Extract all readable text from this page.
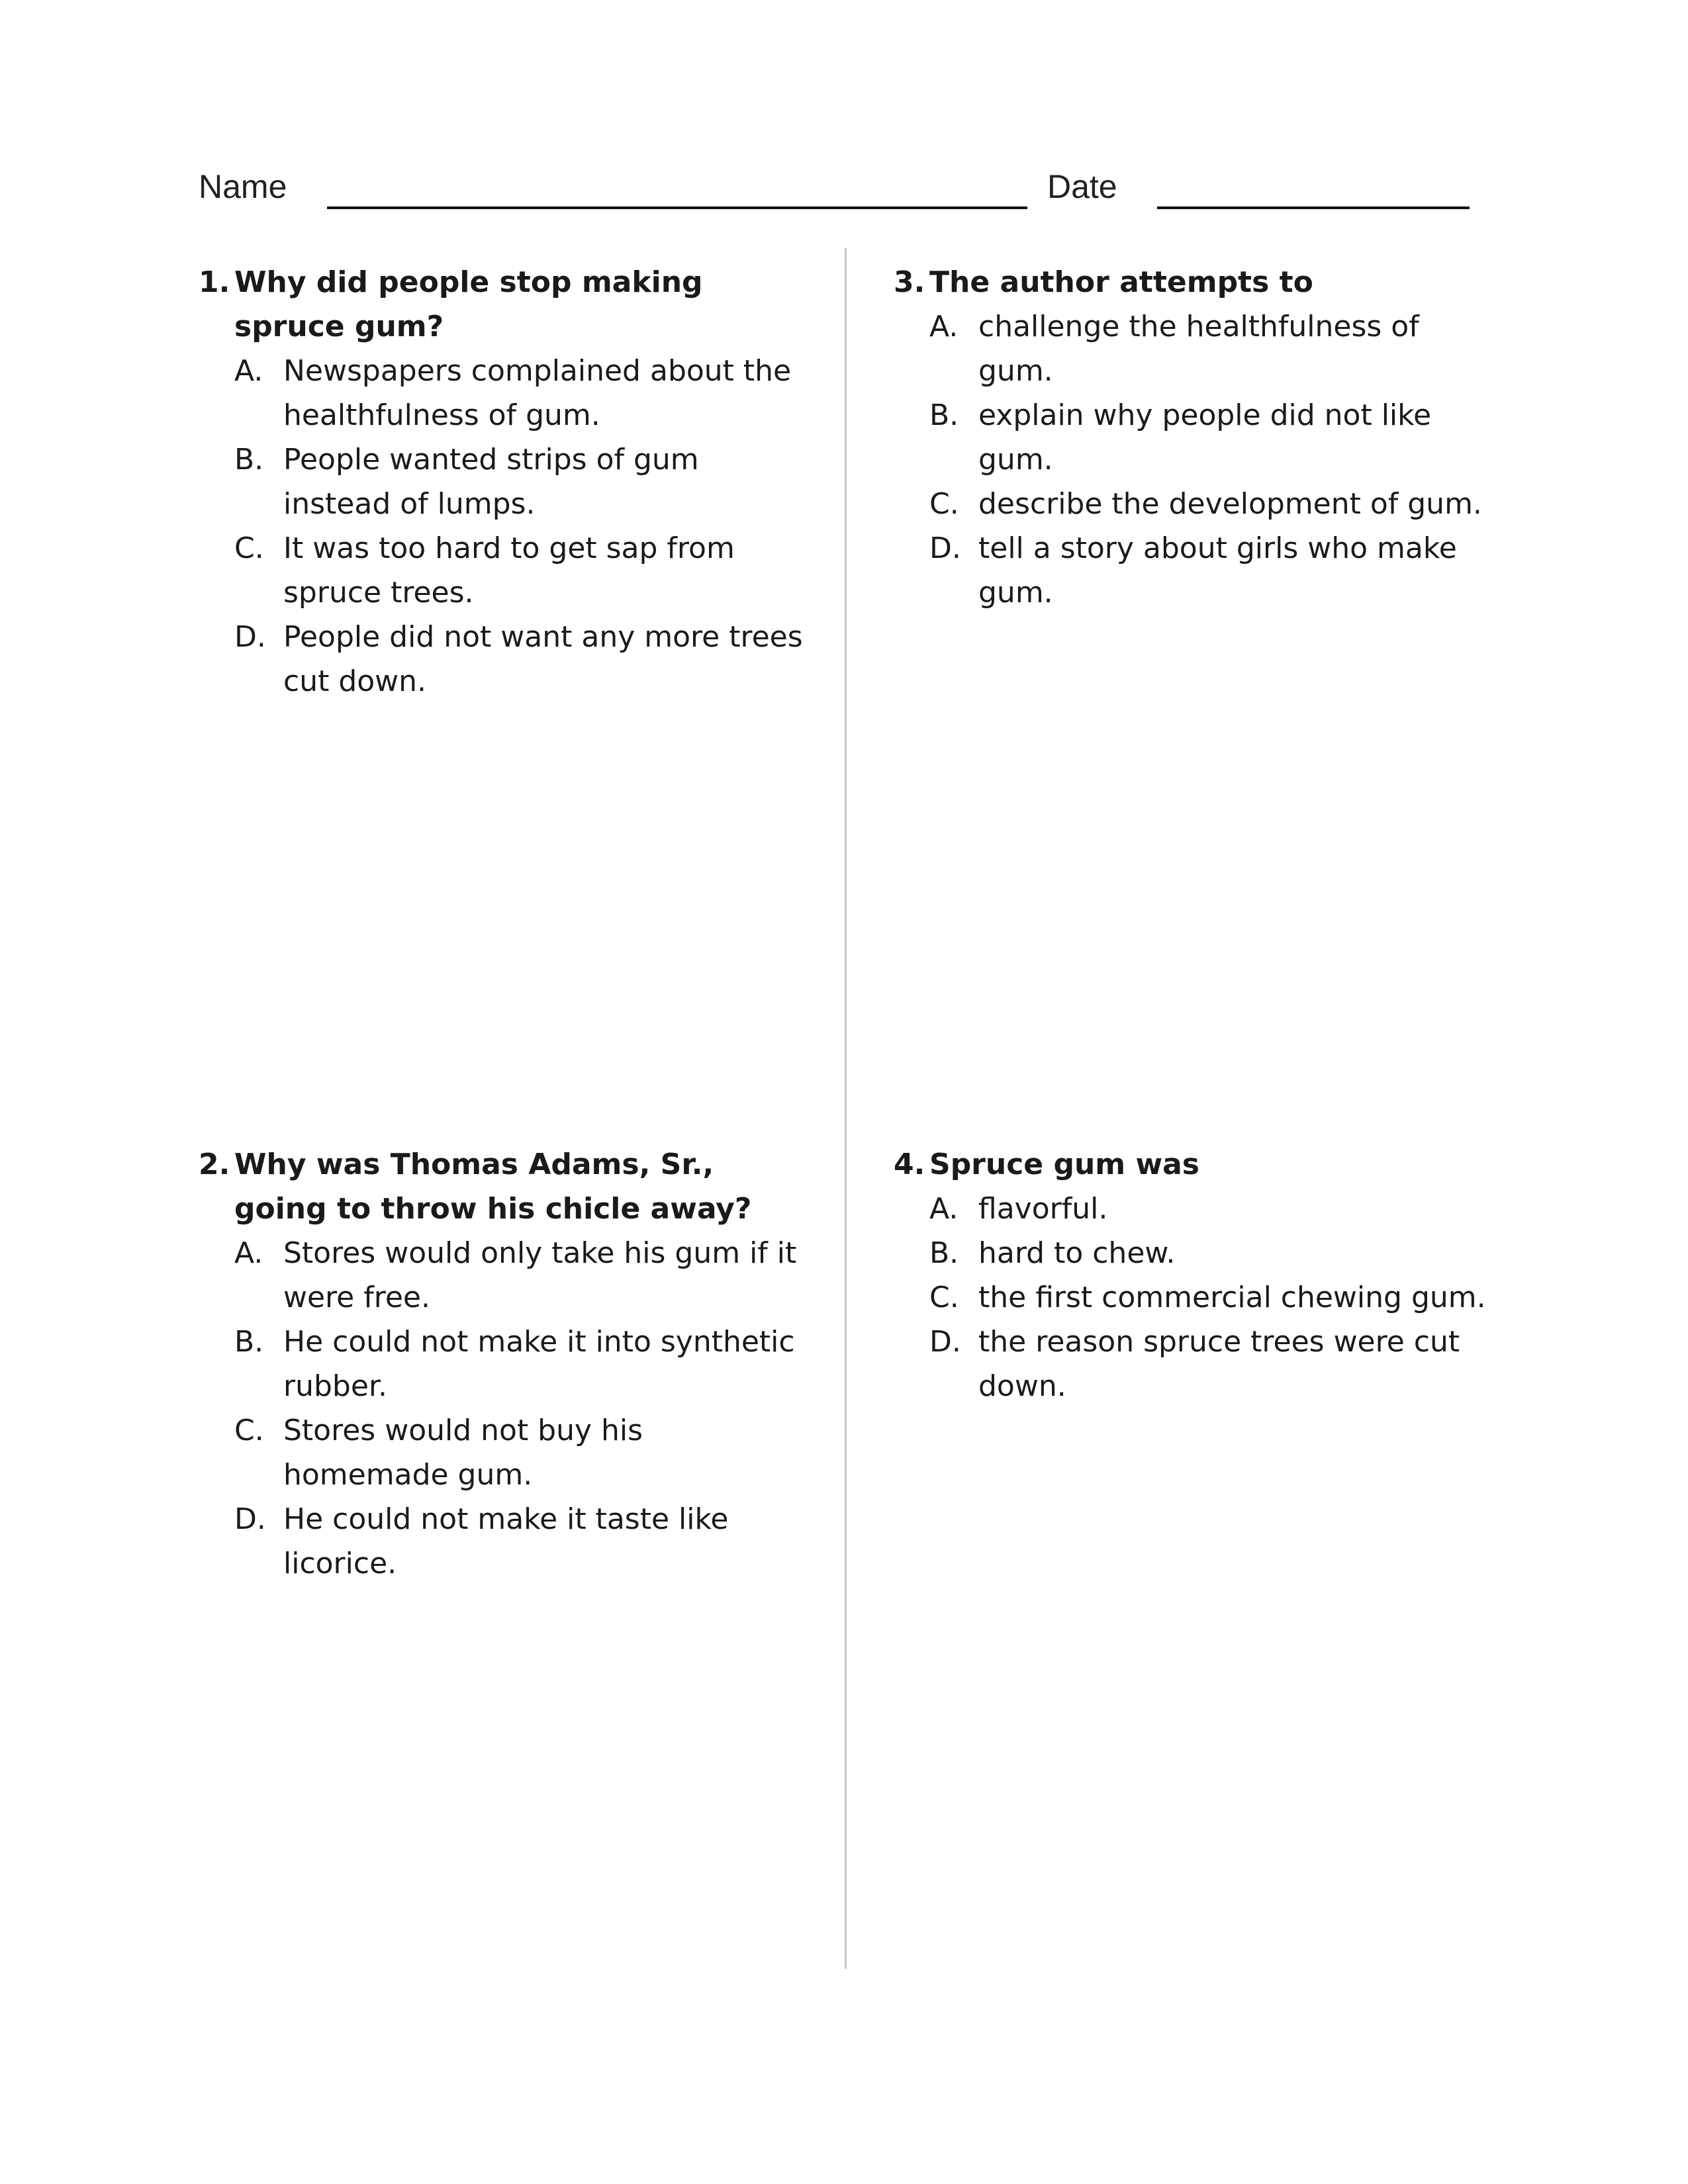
Name	Date

1. Why did people stop making spruce gum?

A. Newspapers complained about the healthfulness of gum.
B. People wanted strips of gum instead of lumps.
C. It was too hard to get sap from spruce trees.
D. People did not want any more trees cut down.

2. Why was Thomas Adams, Sr., going to throw his chicle away?

A. Stores would only take his gum if it were free.
B. He could not make it into synthetic rubber.
C. Stores would not buy his homemade gum.
D. He could not make it taste like licorice.

3. The author attempts to

A. challenge the healthfulness of gum.
B. explain why people did not like gum.
C. describe the development of gum.
D. tell a story about girls who make gum.

4. Spruce gum was

A. flavorful.
B. hard to chew.
C. the first commercial chewing gum.
D. the reason spruce trees were cut down.
